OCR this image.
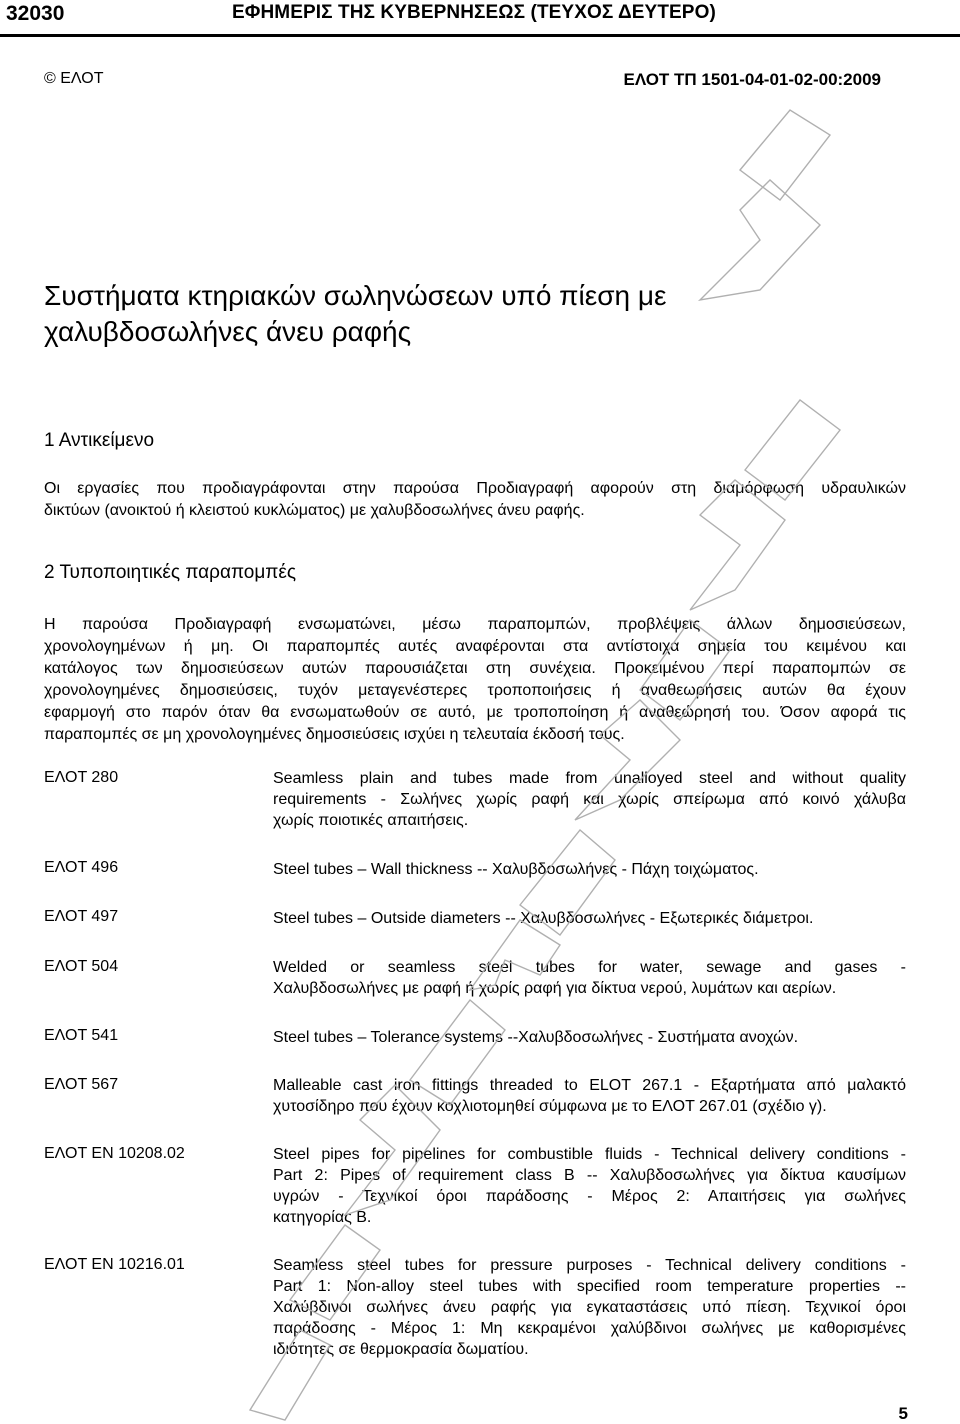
32030	ΕΦΗΜΕΡΙΣ ΤΗΣ ΚΥΒΕΡΝΗΣΕΩΣ (ΤΕΥΧΟΣ ΔΕΥΤΕΡΟ)
© ΕΛΟΤ	ΕΛΟΤ ΤΠ 1501-04-01-02-00:2009
Συστήματα κτηριακών σωληνώσεων υπό πίεση με
χαλυβδοσωλήνες άνευ ραφής
1 Αντικείμενο
Οι εργασίες που προδιαγράφονται στην παρούσα Προδιαγραφή αφορούν στη διαμόρφωση υδραυλικών
δικτύων (ανοικτού ή κλειστού κυκλώματος) με χαλυβδοσωλήνες άνευ ραφής.
2 Τυποποιητικές παραπομπές
Η παρούσα Προδιαγραφή ενσωματώνει, μέσω παραπομπών, προβλέψεις άλλων δημοσιεύσεων,
χρονολογημένων ή μη. Οι παραπομπές αυτές αναφέρονται στα αντίστοιχα σημεία του κειμένου και
κατάλογος των δημοσιεύσεων αυτών παρουσιάζεται στη συνέχεια. Προκειμένου περί παραπομπών σε
χρονολογημένες δημοσιεύσεις, τυχόν μεταγενέστερες τροποποιήσεις ή αναθεωρήσεις αυτών θα έχουν
εφαρμογή στο παρόν όταν θα ενσωματωθούν σε αυτό, με τροποποίηση ή αναθεώρησή του. Όσον αφορά τις
παραπομπές σε μη χρονολογημένες δημοσιεύσεις ισχύει η τελευταία έκδοσή τους.
ΕΛΟΤ 280	Seamless plain and tubes made from unalloyed steel and without quality
requirements - Σωλήνες χωρίς ραφή και χωρίς σπείρωμα από κοινό χάλυβα
χωρίς ποιοτικές απαιτήσεις.
ΕΛΟΤ 496	Steel tubes – Wall thickness -- Χαλυβδοσωλήνες - Πάχη τοιχώματος.
ΕΛΟΤ 497	Steel tubes – Outside diameters -- Χαλυβδοσωλήνες - Εξωτερικές διάμετροι.
ΕΛΟΤ 504	Welded or seamless steel tubes for water, sewage and gases -
Χαλυβδοσωλήνες με ραφή ή χωρίς ραφή για δίκτυα νερού, λυμάτων και αερίων.
ΕΛΟΤ 541	Steel tubes – Tolerance systems --Χαλυβδοσωλήνες - Συστήματα ανοχών.
ΕΛΟΤ 567	Malleable cast iron fittings threaded to ELOT 267.1 - Εξαρτήματα από μαλακτό
χυτοσίδηρο που έχουν κοχλιοτομηθεί σύμφωνα με το ΕΛΟΤ 267.01 (σχέδιο γ).
ΕΛΟΤ EN 10208.02	Steel pipes for pipelines for combustible fluids - Technical delivery conditions -
Part 2: Pipes of requirement class B -- Χαλυβδοσωλήνες για δίκτυα καυσίμων
υγρών - Τεχνικοί όροι παράδοσης - Μέρος 2: Απαιτήσεις για σωλήνες
κατηγορίας Β.
ΕΛΟΤ EN 10216.01	Seamless steel tubes for pressure purposes - Technical delivery conditions -
Part 1: Non-alloy steel tubes with specified room temperature properties --
Χαλύβδινοι σωλήνες άνευ ραφής για εγκαταστάσεις υπό πίεση. Τεχνικοί όροι
παράδοσης - Μέρος 1: Μη κεκραμένοι χαλύβδινοι σωλήνες με καθορισμένες
ιδιότητες σε θερμοκρασία δωματίου.
5
